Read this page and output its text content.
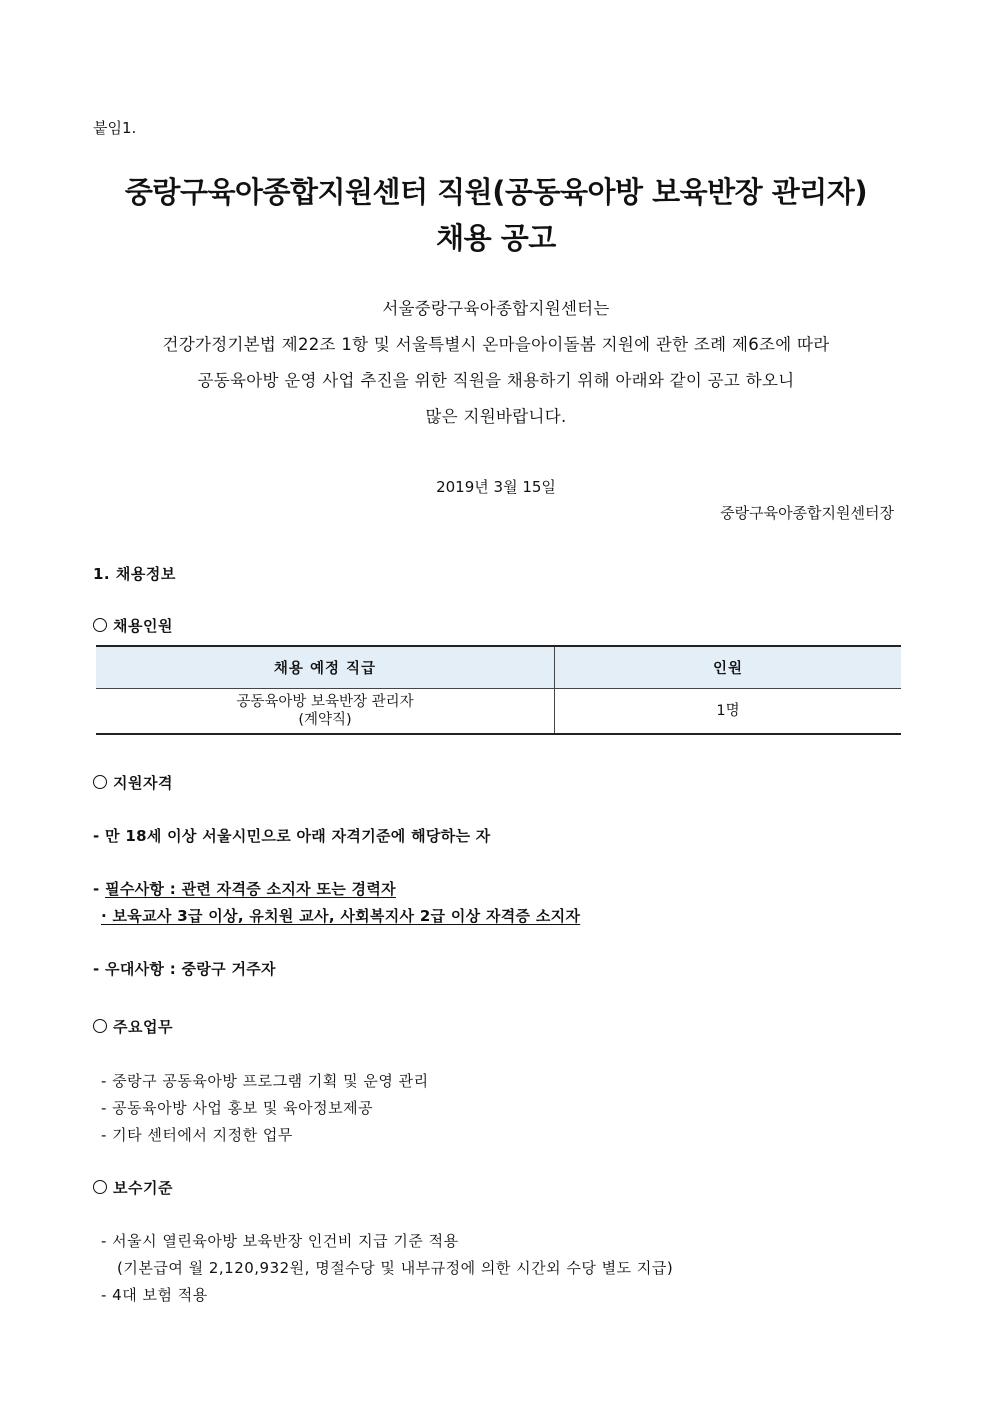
붙임1.
중랑구육아종합지원센터 직원(공동육아방 보육반장 관리자)
채용 공고
서울중랑구육아종합지원센터는
건강가정기본법 제22조 1항 및 서울특별시 온마을아이돌봄 지원에 관한 조례 제6조에 따라
공동육아방 운영 사업 추진을 위한 직원을 채용하기 위해 아래와 같이 공고 하오니
많은 지원바랍니다.
2019년 3월 15일
중랑구육아종합지원센터장
1. 채용정보
채용인원
채용 예정 직급	인원

공동육아방 보육반장 관리자
(계약직)	1명
지원자격
- 만 18세 이상 서울시민으로 아래 자격기준에 해당하는 자
- 필수사항 : 관련 자격증 소지자 또는 경력자
· 보육교사 3급 이상, 유치원 교사, 사회복지사 2급 이상 자격증 소지자
- 우대사항 : 중랑구 거주자
주요업무
- 중랑구 공동육아방 프로그램 기획 및 운영 관리
- 공동육아방 사업 홍보 및 육아정보제공
- 기타 센터에서 지정한 업무
보수기준
- 서울시 열린육아방 보육반장 인건비 지급 기준 적용
(기본급여 월 2,120,932원, 명절수당 및 내부규정에 의한 시간외 수당 별도 지급)
- 4대 보험 적용
